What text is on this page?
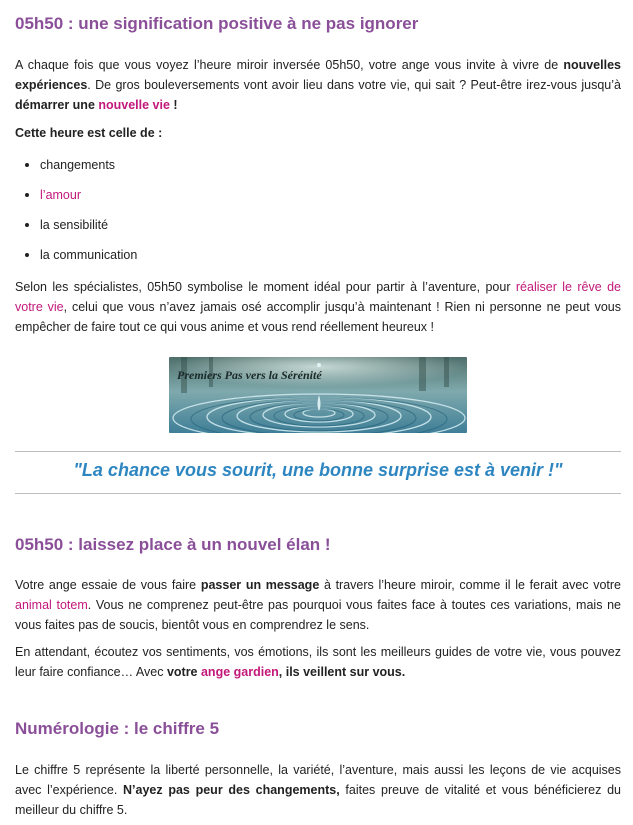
05h50 : une signification positive à ne pas ignorer

A chaque fois que vous voyez l’heure miroir inversée 05h50, votre ange vous invite à vivre de nouvelles expériences. De gros bouleversements vont avoir lieu dans votre vie, qui sait ? Peut-être irez-vous jusqu’à démarrer une nouvelle vie !

Cette heure est celle de :

changements
l’amour
la sensibilité
la communication

Selon les spécialistes, 05h50 symbolise le moment idéal pour partir à l’aventure, pour réaliser le rêve de votre vie, celui que vous n’avez jamais osé accomplir jusqu’à maintenant ! Rien ni personne ne peut vous empêcher de faire tout ce qui vous anime et vous rend réellement heureux !

Premiers Pas vers la Sérénité

"La chance vous sourit, une bonne surprise est à venir !"

05h50 : laissez place à un nouvel élan !

Votre ange essaie de vous faire passer un message à travers l’heure miroir, comme il le ferait avec votre animal totem. Vous ne comprenez peut-être pas pourquoi vous faites face à toutes ces variations, mais ne vous faites pas de soucis, bientôt vous en comprendrez le sens.

En attendant, écoutez vos sentiments, vos émotions, ils sont les meilleurs guides de votre vie, vous pouvez leur faire confiance… Avec votre ange gardien, ils veillent sur vous.

Numérologie : le chiffre 5

Le chiffre 5 représente la liberté personnelle, la variété, l’aventure, mais aussi les leçons de vie acquises avec l’expérience. N’ayez pas peur des changements, faites preuve de vitalité et vous bénéficierez du meilleur du chiffre 5.
